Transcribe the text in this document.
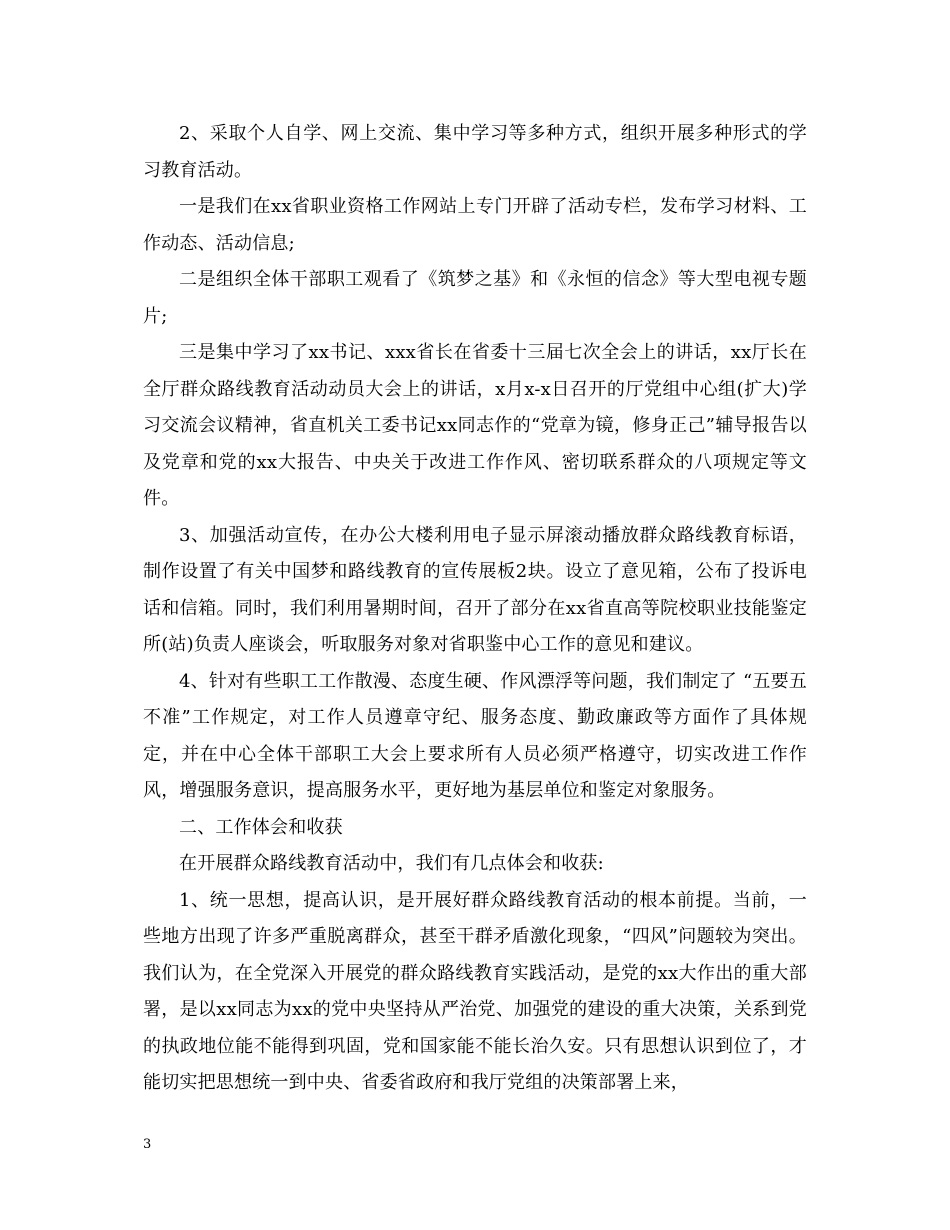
2、采取个人自学、网上交流、集中学习等多种方式，组织开展多种形式的学习教育活动。

一是我们在xx省职业资格工作网站上专门开辟了活动专栏，发布学习材料、工作动态、活动信息;

二是组织全体干部职工观看了《筑梦之基》和《永恒的信念》等大型电视专题片;

三是集中学习了xx书记、xxx省长在省委十三届七次全会上的讲话，xx厅长在全厅群众路线教育活动动员大会上的讲话，x月x-x日召开的厅党组中心组(扩大)学习交流会议精神，省直机关工委书记xx同志作的“党章为镜，修身正己”辅导报告以及党章和党的xx大报告、中央关于改进工作作风、密切联系群众的八项规定等文件。

3、加强活动宣传，在办公大楼利用电子显示屏滚动播放群众路线教育标语，制作设置了有关中国梦和路线教育的宣传展板2块。设立了意见箱，公布了投诉电话和信箱。同时，我们利用暑期时间，召开了部分在xx省直高等院校职业技能鉴定所(站)负责人座谈会，听取服务对象对省职鉴中心工作的意见和建议。

4、针对有些职工工作散漫、态度生硬、作风漂浮等问题，我们制定了 “五要五不准”工作规定，对工作人员遵章守纪、服务态度、勤政廉政等方面作了具体规定，并在中心全体干部职工大会上要求所有人员必须严格遵守，切实改进工作作风，增强服务意识，提高服务水平，更好地为基层单位和鉴定对象服务。

二、工作体会和收获

在开展群众路线教育活动中，我们有几点体会和收获:

1、统一思想，提高认识，是开展好群众路线教育活动的根本前提。当前，一些地方出现了许多严重脱离群众，甚至干群矛盾激化现象，“四风”问题较为突出。我们认为，在全党深入开展党的群众路线教育实践活动，是党的xx大作出的重大部署，是以xx同志为xx的党中央坚持从严治党、加强党的建设的重大决策，关系到党的执政地位能不能得到巩固，党和国家能不能长治久安。只有思想认识到位了，才能切实把思想统一到中央、省委省政府和我厅党组的决策部署上来，

3
